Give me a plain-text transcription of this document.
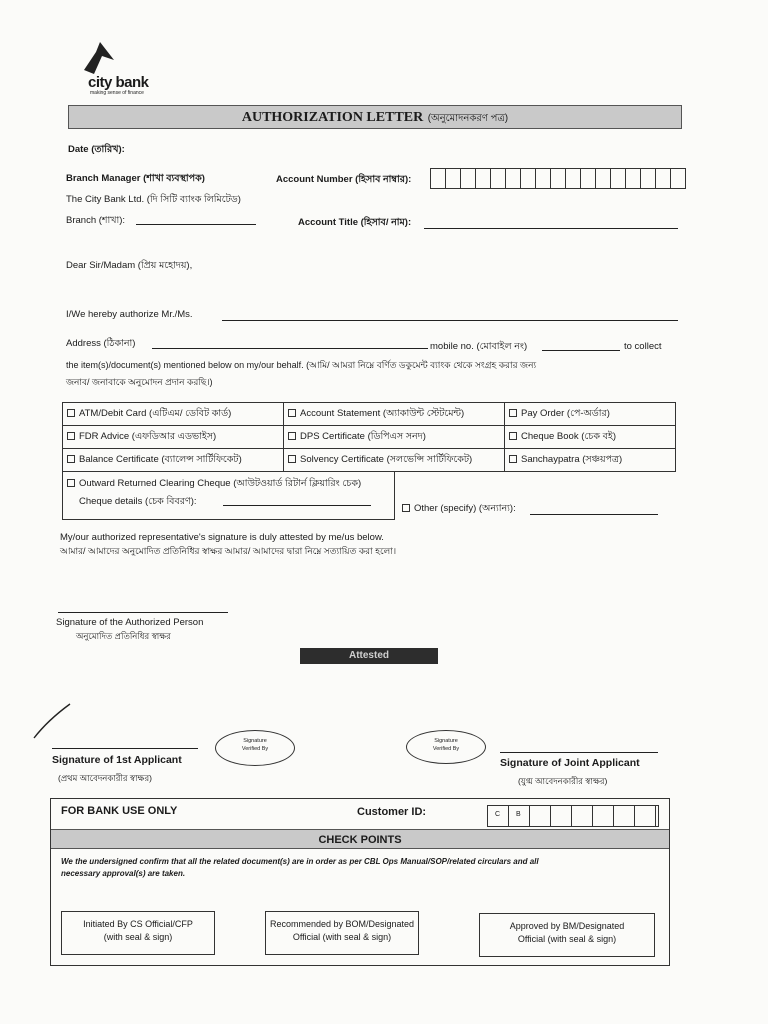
city bank
making sense of finance
AUTHORIZATION LETTER (অনুমোদনকরণ পত্র)
Date (তারিখ):
Branch Manager (শাখা ব্যবস্থাপক)
The City Bank Ltd. (দি সিটি ব্যাংক লিমিটেড)
Branch (শাখা):
Account Number (হিসাব নাম্বার):
Account Title (হিসাব/ নাম):
Dear Sir/Madam (প্রিয় মহোদয়),
I/We hereby authorize Mr./Ms.
Address (ঠিকানা)	mobile no. (মোবাইল নং)	to collect
the item(s)/document(s) mentioned below on my/our behalf. (আমি/ আমরা নিম্নে বর্ণিত ডকুমেন্ট ব্যাংক থেকে সংগ্রহ করার জন্য
জনাব/ জনাবাকে অনুমোদন প্রদান করছি।)
ATM/Debit Card (এটিএম/ ডেবিট কার্ড)	Account Statement (অ্যাকাউন্ট স্টেটমেন্ট)	Pay Order (পে-অর্ডার)
FDR Advice (এফডিআর এডভাইস)	DPS Certificate (ডিপিএস সনদ)	Cheque Book (চেক বই)
Balance Certificate (ব্যালেন্স সার্টিফিকেট)	Solvency Certificate (সলভেন্সি সার্টিফিকেট)	Sanchaypatra (সঞ্চয়পত্র)
Outward Returned Clearing Cheque (আউটওয়ার্ড রিটার্ন ক্লিয়ারিং চেক)
Cheque details (চেক বিবরণ):
Other (specify) (অন্যান্য):
My/our authorized representative's signature is duly attested by me/us below.
আমার/ আমাদের অনুমোদিত প্রতিনিধির স্বাক্ষর আমার/ আমাদের দ্বারা নিম্নে সত্যায়িত করা হলো।
Signature of the Authorized Person
অনুমোদিত প্রতিনিধির স্বাক্ষর
Attested
Signature
Verified By
Signature
Verified By
Signature of 1st Applicant
(প্রথম আবেদনকারীর স্বাক্ষর)
Signature of Joint Applicant
(যুগ্ম আবেদনকারীর স্বাক্ষর)
FOR BANK USE ONLY	Customer ID:	C B
CHECK POINTS
We the undersigned confirm that all the related document(s) are in order as per CBL Ops Manual/SOP/related circulars and all
necessary approval(s) are taken.
Initiated By CS Official/CFP
(with seal & sign)
Recommended by BOM/Designated
Official (with seal & sign)
Approved by BM/Designated
Official (with seal & sign)
